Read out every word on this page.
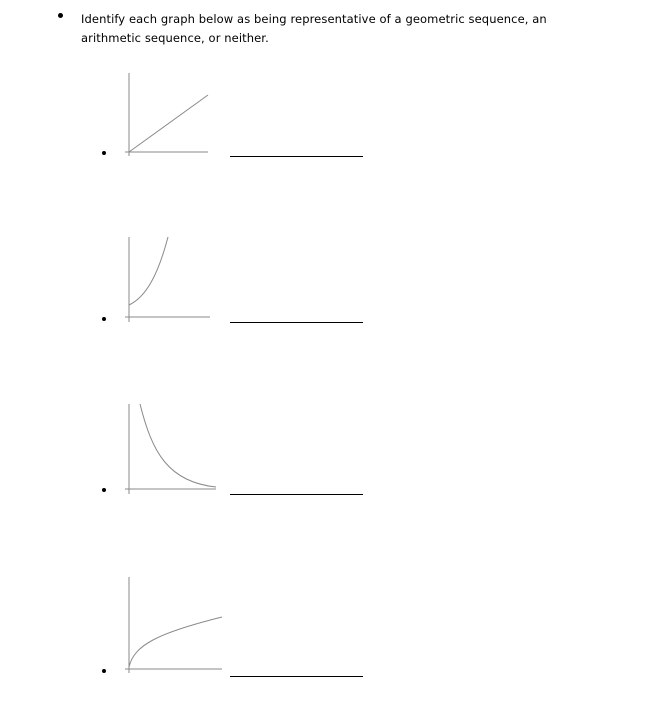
Identify each graph below as being representative of a geometric sequence, an
arithmetic sequence, or neither.
